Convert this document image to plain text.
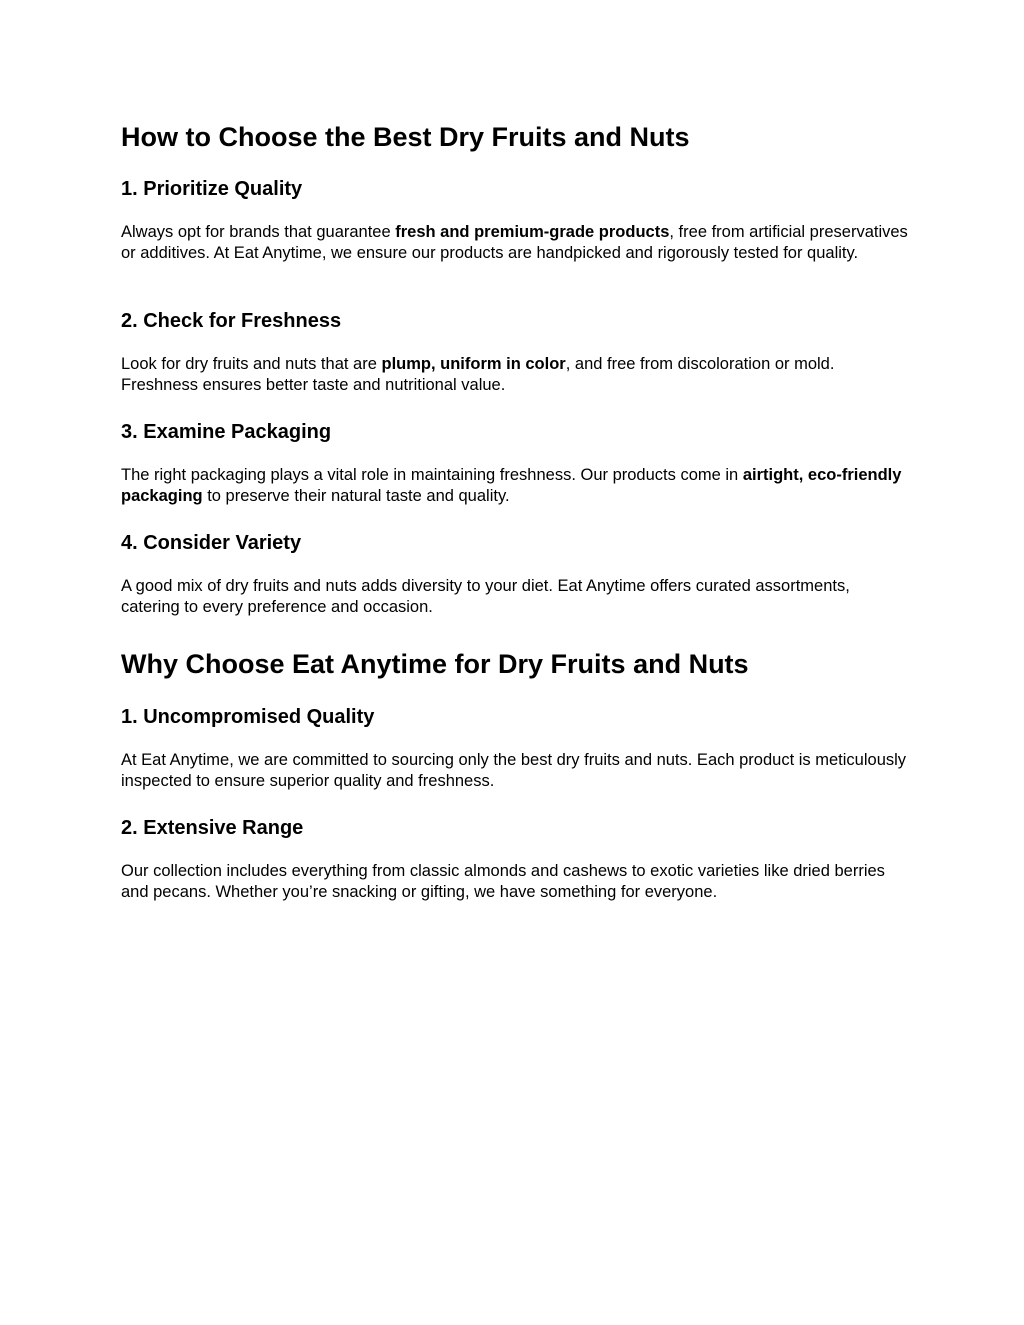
How to Choose the Best Dry Fruits and Nuts
1. Prioritize Quality

Always opt for brands that guarantee fresh and premium-grade products, free from artificial preservatives or additives. At Eat Anytime, we ensure our products are handpicked and rigorously tested for quality.

2. Check for Freshness

Look for dry fruits and nuts that are plump, uniform in color, and free from discoloration or mold. Freshness ensures better taste and nutritional value.

3. Examine Packaging

The right packaging plays a vital role in maintaining freshness. Our products come in airtight, eco-friendly packaging to preserve their natural taste and quality.

4. Consider Variety

A good mix of dry fruits and nuts adds diversity to your diet. Eat Anytime offers curated assortments, catering to every preference and occasion.

Why Choose Eat Anytime for Dry Fruits and Nuts
1. Uncompromised Quality

At Eat Anytime, we are committed to sourcing only the best dry fruits and nuts. Each product is meticulously inspected to ensure superior quality and freshness.

2. Extensive Range

Our collection includes everything from classic almonds and cashews to exotic varieties like dried berries and pecans. Whether you’re snacking or gifting, we have something for everyone.
